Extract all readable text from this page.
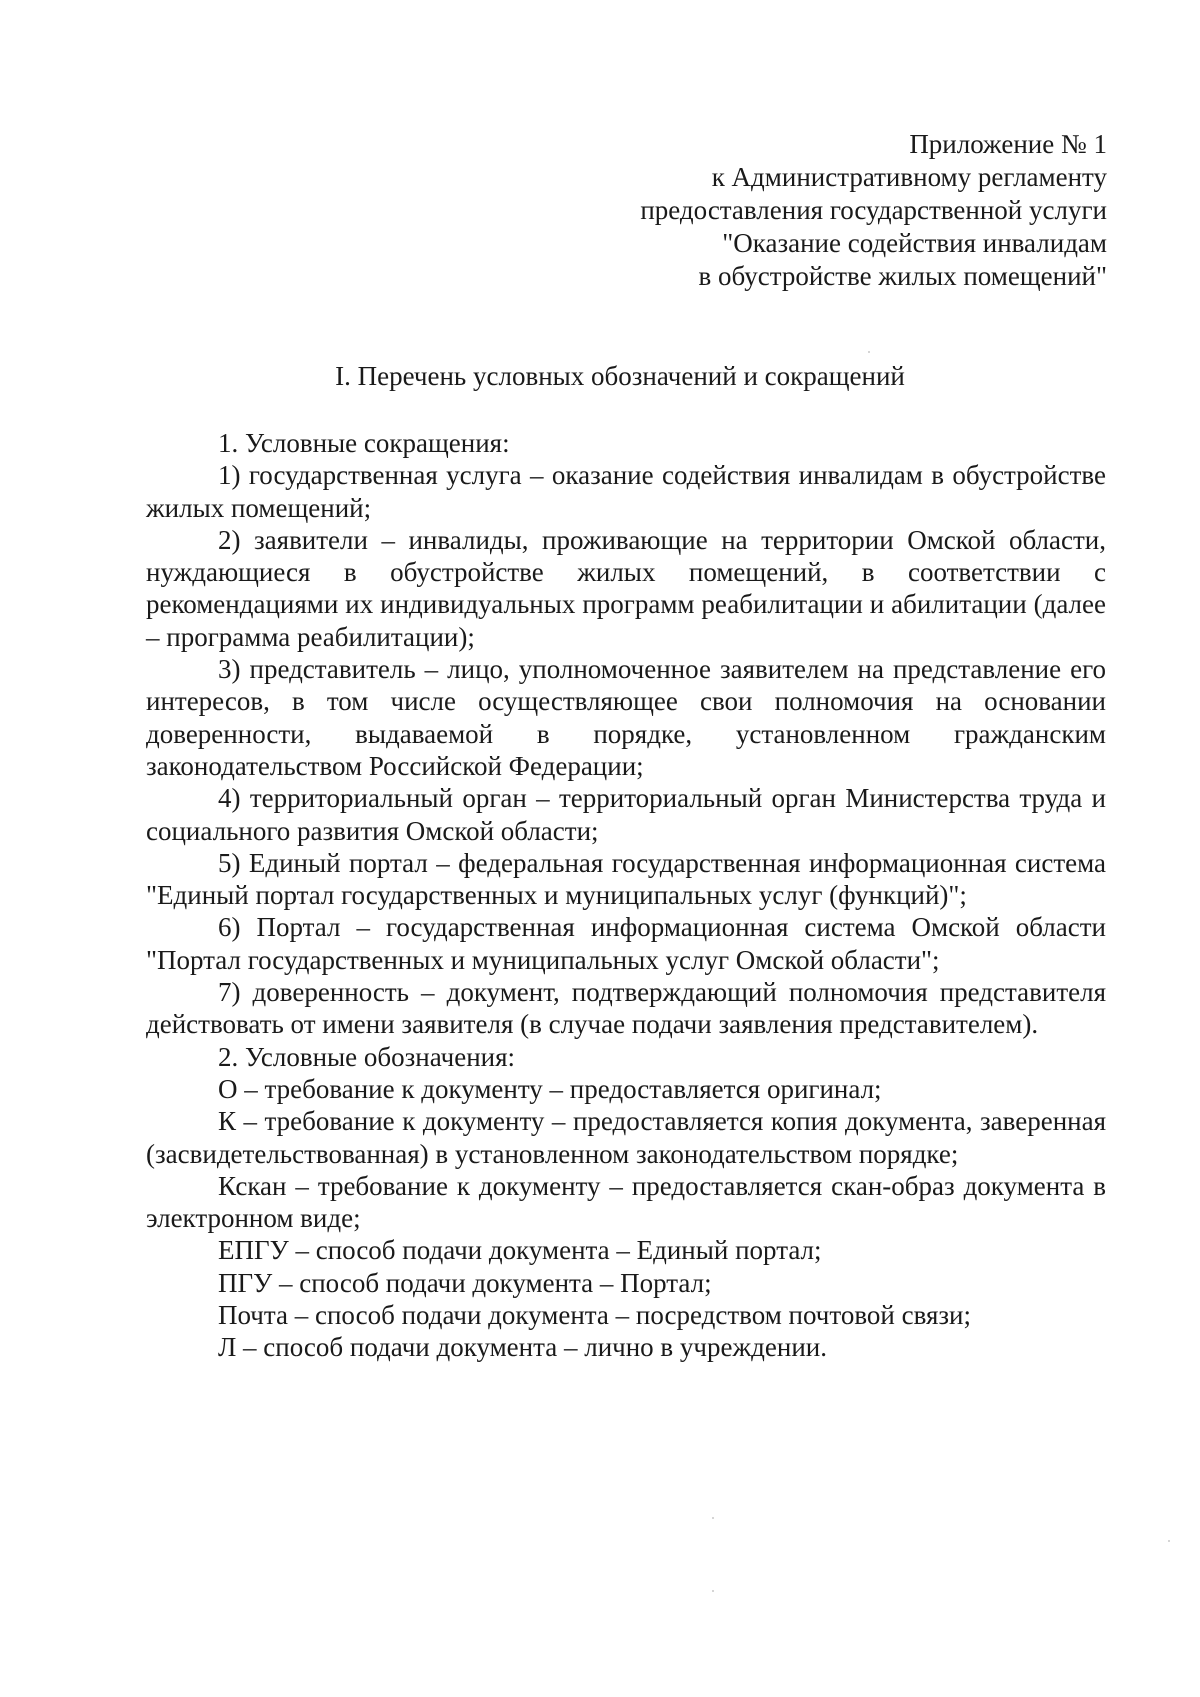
Приложение № 1
к Административному регламенту
предоставления государственной услуги
"Оказание содействия инвалидам
в обустройстве жилых помещений"
I. Перечень условных обозначений и сокращений

1. Условные сокращения:

1) государственная услуга – оказание содействия инвалидам в обустройстве жилых помещений;

2) заявители – инвалиды, проживающие на территории Омской области, нуждающиеся в обустройстве жилых помещений, в соответствии с рекомендациями их индивидуальных программ реабилитации и абилитации (далее – программа реабилитации);

3) представитель – лицо, уполномоченное заявителем на представление его интересов, в том числе осуществляющее свои полномочия на основании доверенности, выдаваемой в порядке, установленном гражданским законодательством Российской Федерации;

4) территориальный орган – территориальный орган Министерства труда и социального развития Омской области;

5) Единый портал – федеральная государственная информационная система "Единый портал государственных и муниципальных услуг (функций)";

6) Портал – государственная информационная система Омской области "Портал государственных и муниципальных услуг Омской области";

7) доверенность – документ, подтверждающий полномочия представителя действовать от имени заявителя (в случае подачи заявления представителем).

2. Условные обозначения:

О – требование к документу – предоставляется оригинал;

К – требование к документу – предоставляется копия документа, заверенная (засвидетельствованная) в установленном законодательством порядке;

Кскан – требование к документу – предоставляется скан-образ документа в электронном виде;

ЕПГУ – способ подачи документа – Единый портал;

ПГУ – способ подачи документа – Портал;

Почта – способ подачи документа – посредством почтовой связи;

Л – способ подачи документа – лично в учреждении.
